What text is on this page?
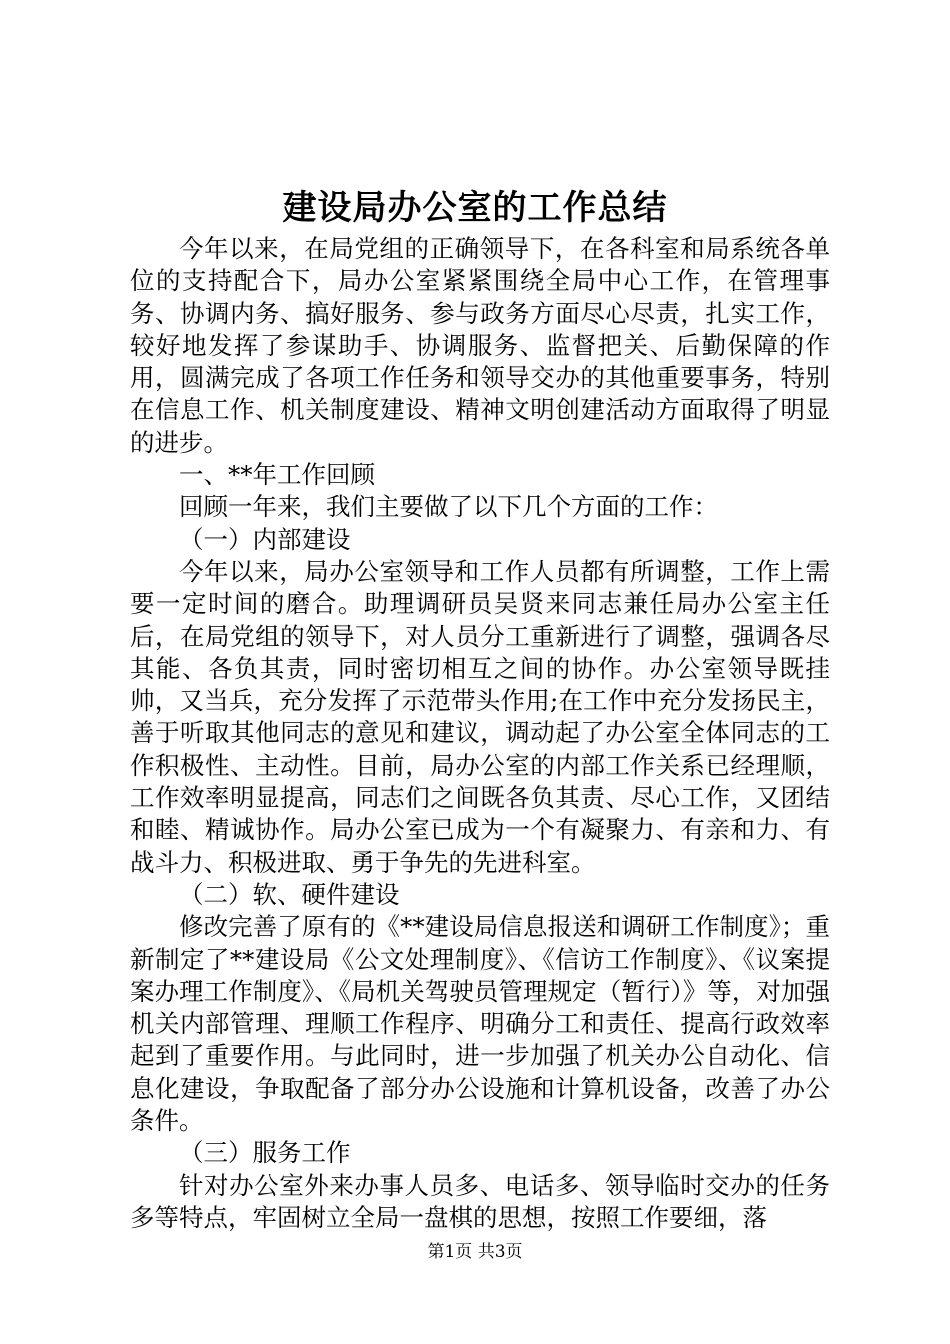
建设局办公室的工作总结

今年以来，在局党组的正确领导下，在各科室和局系统各单位的支持配合下，局办公室紧紧围绕全局中心工作，在管理事务、协调内务、搞好服务、参与政务方面尽心尽责，扎实工作，较好地发挥了参谋助手、协调服务、监督把关、后勤保障的作用，圆满完成了各项工作任务和领导交办的其他重要事务，特别在信息工作、机关制度建设、精神文明创建活动方面取得了明显的进步。

一、**年工作回顾

回顾一年来，我们主要做了以下几个方面的工作：

（一）内部建设

今年以来，局办公室领导和工作人员都有所调整，工作上需要一定时间的磨合。助理调研员吴贤来同志兼任局办公室主任后，在局党组的领导下，对人员分工重新进行了调整，强调各尽其能、各负其责，同时密切相互之间的协作。办公室领导既挂帅，又当兵，充分发挥了示范带头作用;在工作中充分发扬民主，善于听取其他同志的意见和建议，调动起了办公室全体同志的工作积极性、主动性。目前，局办公室的内部工作关系已经理顺，工作效率明显提高，同志们之间既各负其责、尽心工作，又团结和睦、精诚协作。局办公室已成为一个有凝聚力、有亲和力、有战斗力、积极进取、勇于争先的先进科室。

（二）软、硬件建设

修改完善了原有的《**建设局信息报送和调研工作制度》；重新制定了**建设局《公文处理制度》、《信访工作制度》、《议案提案办理工作制度》、《局机关驾驶员管理规定（暂行）》等，对加强机关内部管理、理顺工作程序、明确分工和责任、提高行政效率起到了重要作用。与此同时，进一步加强了机关办公自动化、信息化建设，争取配备了部分办公设施和计算机设备，改善了办公条件。

（三）服务工作

针对办公室外来办事人员多、电话多、领导临时交办的任务多等特点，牢固树立全局一盘棋的思想，按照工作要细，落

第1页 共3页
